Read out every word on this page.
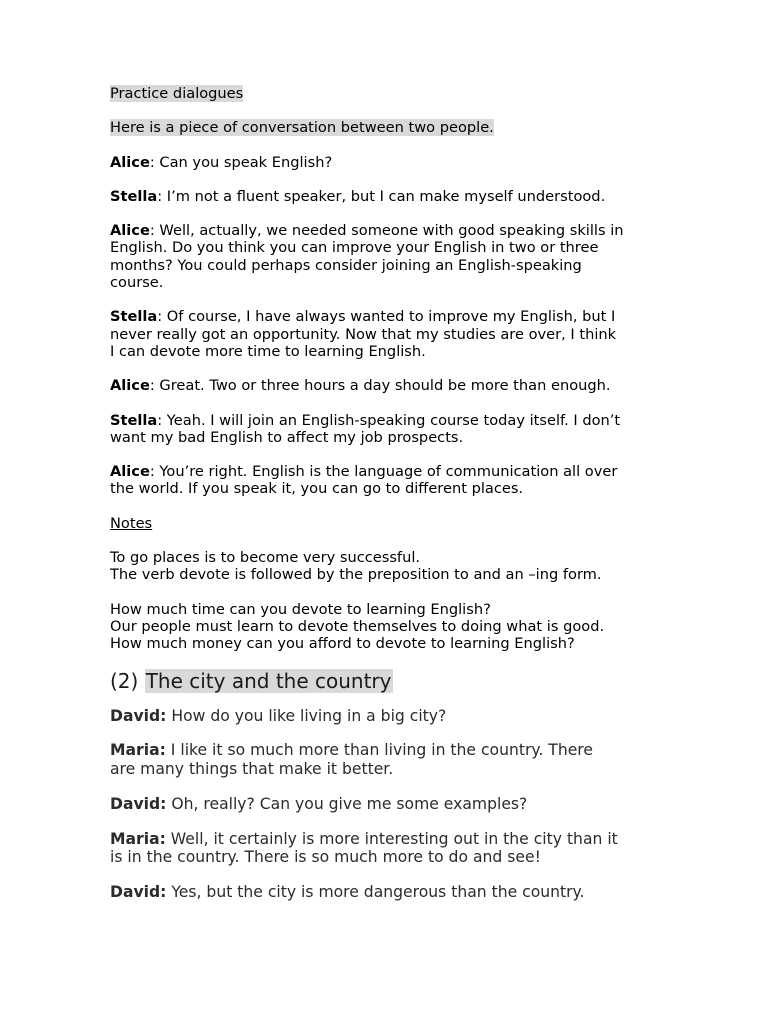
Practice dialogues
Here is a piece of conversation between two people.
Alice: Can you speak English?
Stella: I’m not a fluent speaker, but I can make myself understood.
Alice: Well, actually, we needed someone with good speaking skills in
English. Do you think you can improve your English in two or three
months? You could perhaps consider joining an English-speaking
course.
Stella: Of course, I have always wanted to improve my English, but I
never really got an opportunity. Now that my studies are over, I think
I can devote more time to learning English.
Alice: Great. Two or three hours a day should be more than enough.
Stella: Yeah. I will join an English-speaking course today itself. I don’t
want my bad English to affect my job prospects.
Alice: You’re right. English is the language of communication all over
the world. If you speak it, you can go to different places.
Notes
To go places is to become very successful.
The verb devote is followed by the preposition to and an –ing form.
How much time can you devote to learning English?
Our people must learn to devote themselves to doing what is good.
How much money can you afford to devote to learning English?
(2) The city and the country
David: How do you like living in a big city?
Maria: I like it so much more than living in the country. There
are many things that make it better.
David: Oh, really? Can you give me some examples?
Maria: Well, it certainly is more interesting out in the city than it
is in the country. There is so much more to do and see!
David: Yes, but the city is more dangerous than the country.
